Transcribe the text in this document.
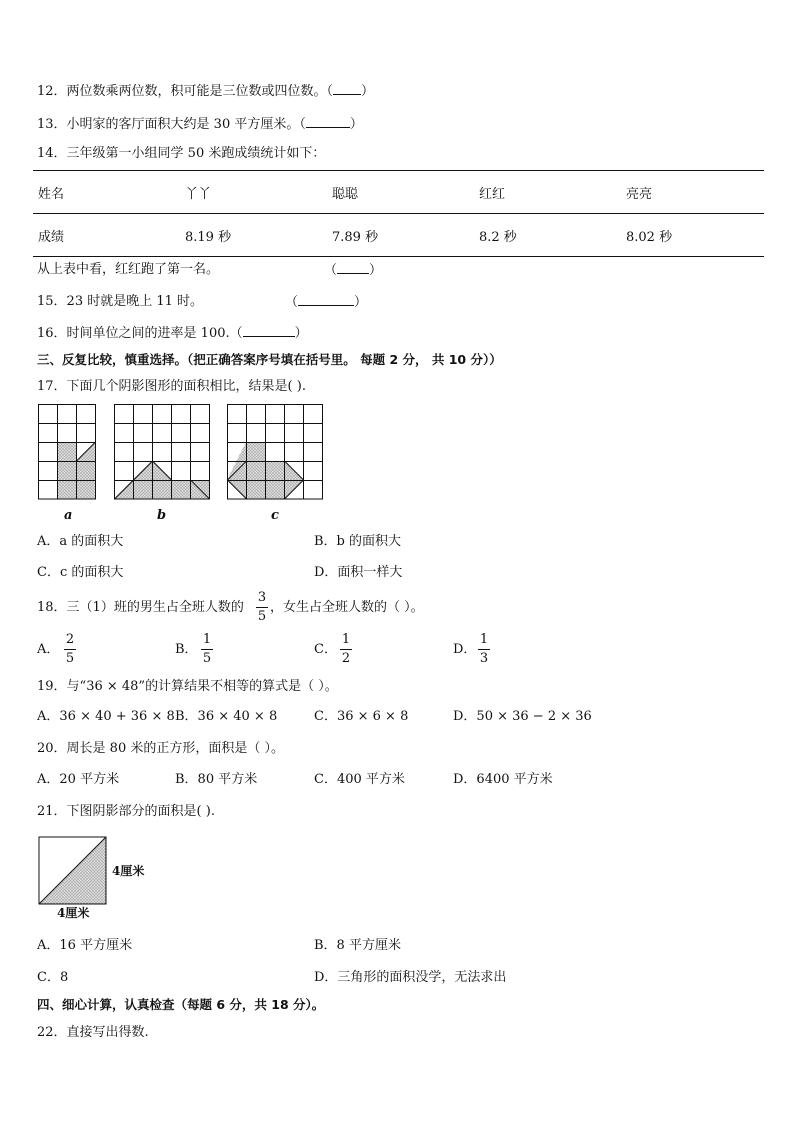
12．两位数乘两位数，积可能是三位数或四位数。（ ）
13．小明家的客厅面积大约是 30 平方厘米。（	）
14．三年级第一小组同学 50 米跑成绩统计如下：
姓名	丫丫	聪聪	红红	亮亮
成绩	8.19 秒	7.89 秒	8.2 秒	8.02 秒
从上表中看，红红跑了第一名。	（ ）
15．23 时就是晚上 11 时。	（	）
16．时间单位之间的进率是 100.（	）
三、反复比较，慎重选择。（把正确答案序号填在括号里。 每题 2 分， 共 10 分））
17．下面几个阴影图形的面积相比，结果是( ).
a	b	c
A．a 的面积大	B．b 的面积大
C．c 的面积大	D．面积一样大
18．三（1）班的男生占全班人数的
3
5
，女生占全班人数的（ ）。
A．
2
5
B．
1
5
C．
1
2
D．
1
3
19．与“36 × 48”的计算结果不相等的算式是（ ）。
A．36 × 40 + 36 × 8 B．36 × 40 × 8	C．36 × 6 × 8	D．50 × 36 − 2 × 36
20．周长是 80 米的正方形，面积是（ ）。
A．20 平方米	B．80 平方米	C．400 平方米	D．6400 平方米
21．下图阴影部分的面积是( ).
4厘米
4厘米
A．16 平方厘米	B．8 平方厘米
C．8	D．三角形的面积没学，无法求出
四、细心计算，认真检查（每题 6 分，共 18 分）。
22．直接写出得数.
